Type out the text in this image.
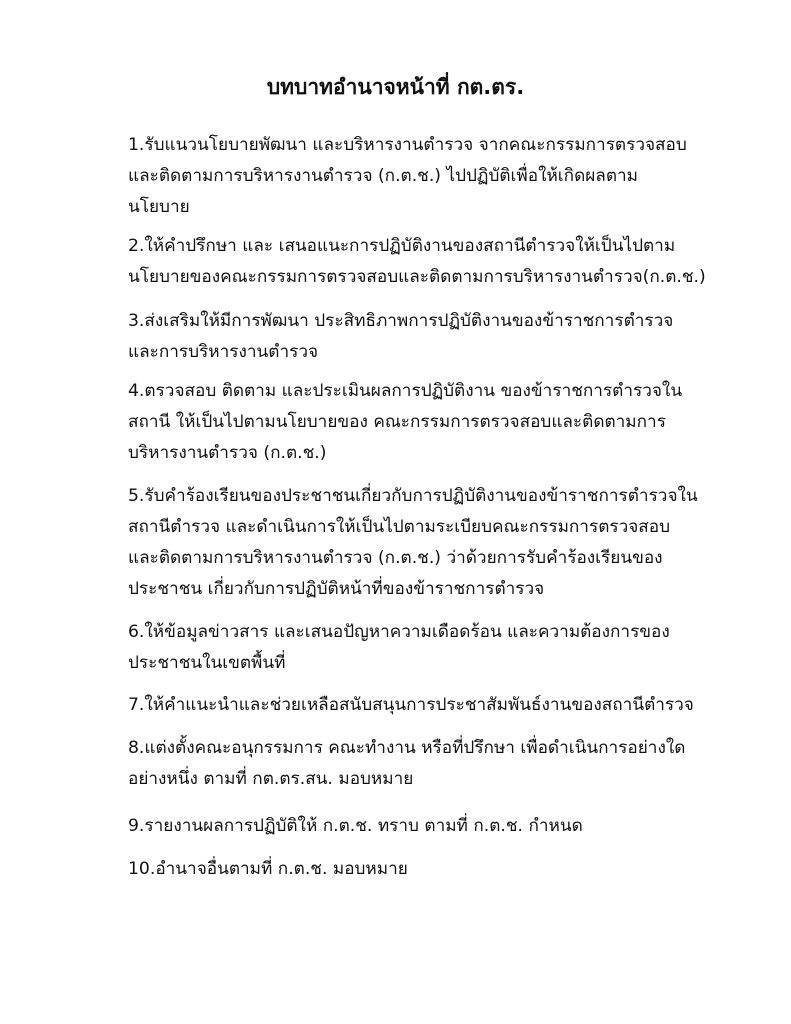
บทบาทอำนาจหน้าที่ กต.ตร.

1.รับแนวนโยบายพัฒนา และบริหารงานตำรวจ จากคณะกรรมการตรวจสอบ
และติดตามการบริหารงานตำรวจ (ก.ต.ช.) ไปปฏิบัติเพื่อให้เกิดผลตาม
นโยบาย

2.ให้คำปรึกษา และ เสนอแนะการปฏิบัติงานของสถานีตำรวจให้เป็นไปตาม
นโยบายของคณะกรรมการตรวจสอบและติดตามการบริหารงานตำรวจ(ก.ต.ช.)

3.ส่งเสริมให้มีการพัฒนา ประสิทธิภาพการปฏิบัติงานของข้าราชการตำรวจ
และการบริหารงานตำรวจ

4.ตรวจสอบ ติดตาม และประเมินผลการปฏิบัติงาน ของข้าราชการตำรวจใน
สถานี ให้เป็นไปตามนโยบายของ คณะกรรมการตรวจสอบและติดตามการ
บริหารงานตำรวจ (ก.ต.ช.)

5.รับคำร้องเรียนของประชาชนเกี่ยวกับการปฏิบัติงานของข้าราชการตำรวจใน
สถานีตำรวจ และดำเนินการให้เป็นไปตามระเบียบคณะกรรมการตรวจสอบ
และติดตามการบริหารงานตำรวจ (ก.ต.ช.) ว่าด้วยการรับคำร้องเรียนของ
ประชาชน เกี่ยวกับการปฏิบัติหน้าที่ของข้าราชการตำรวจ

6.ให้ข้อมูลข่าวสาร และเสนอปัญหาความเดือดร้อน และความต้องการของ
ประชาชนในเขตพื้นที่

7.ให้คำแนะนำและช่วยเหลือสนับสนุนการประชาสัมพันธ์งานของสถานีตำรวจ

8.แต่งตั้งคณะอนุกรรมการ คณะทำงาน หรือที่ปรึกษา เพื่อดำเนินการอย่างใด
อย่างหนึ่ง ตามที่ กต.ตร.สน. มอบหมาย

9.รายงานผลการปฏิบัติให้ ก.ต.ช. ทราบ ตามที่ ก.ต.ช. กำหนด

10.อำนาจอื่นตามที่ ก.ต.ช. มอบหมาย
